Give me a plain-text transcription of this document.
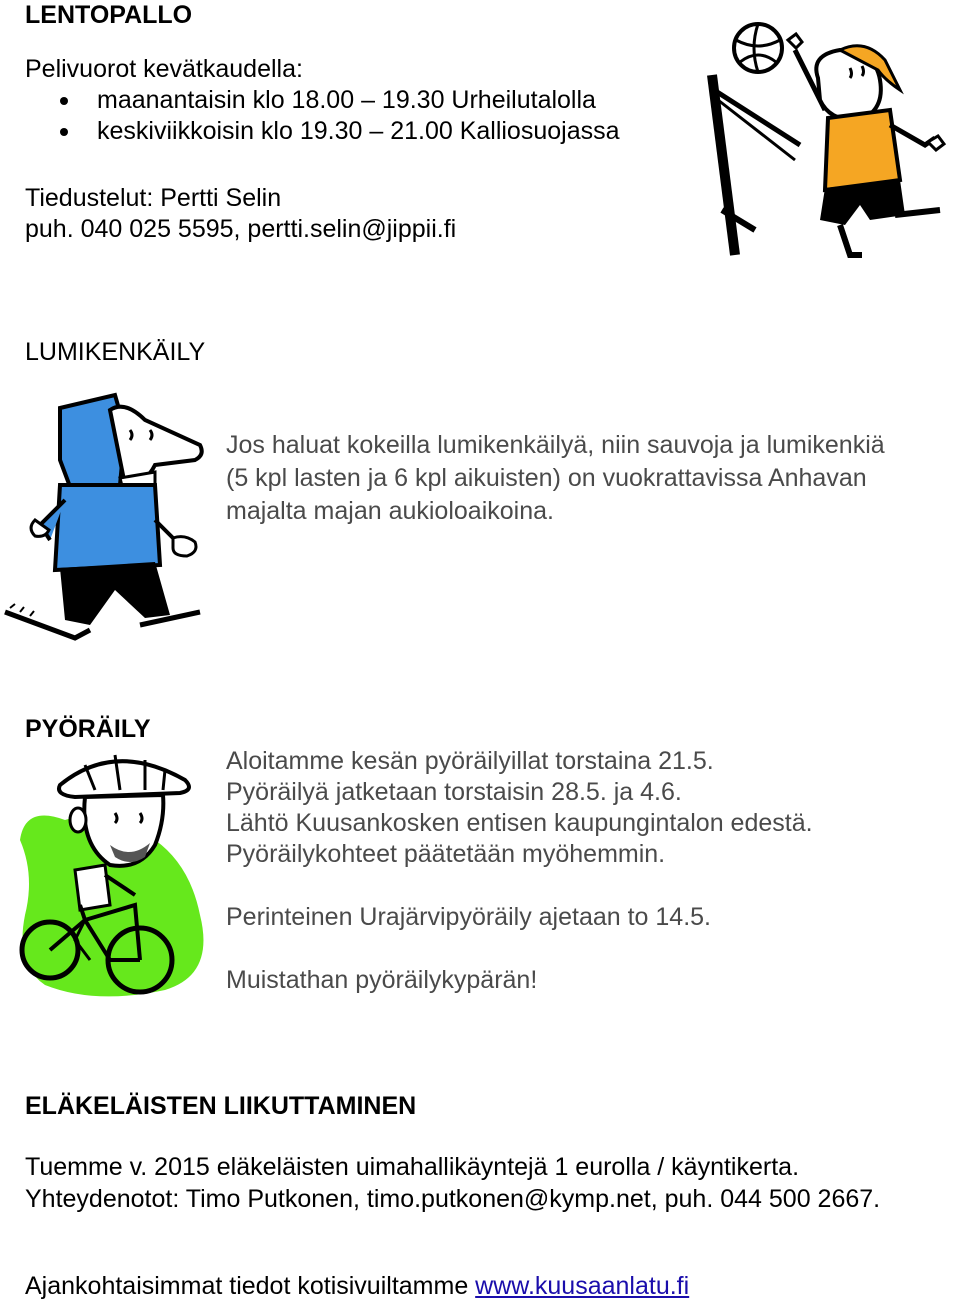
LENTOPALLO
Pelivuorot kevätkaudella:
maanantaisin klo 18.00 – 19.30 Urheilutalolla
keskiviikkoisin klo 19.30 – 21.00 Kalliosuojassa
Tiedustelut: Pertti Selin
puh. 040 025 5595, pertti.selin@jippii.fi
LUMIKENKÄILY
Jos haluat kokeilla lumikenkäilyä, niin sauvoja ja lumikenkiä
(5 kpl lasten ja 6 kpl aikuisten) on vuokrattavissa Anhavan
majalta majan aukioloaikoina.
PYÖRÄILY
Aloitamme kesän pyöräilyillat torstaina 21.5.
Pyöräilyä jatketaan torstaisin 28.5. ja 4.6.
Lähtö Kuusankosken entisen kaupungintalon edestä.
Pyöräilykohteet päätetään myöhemmin.
Perinteinen Urajärvipyöräily ajetaan to 14.5.
Muistathan pyöräilykypärän!
ELÄKELÄISTEN LIIKUTTAMINEN
Tuemme v. 2015 eläkeläisten uimahallikäyntejä 1 eurolla / käyntikerta.
Yhteydenotot: Timo Putkonen, timo.putkonen@kymp.net, puh. 044 500 2667.
Ajankohtaisimmat tiedot kotisivuiltamme www.kuusaanlatu.fi
